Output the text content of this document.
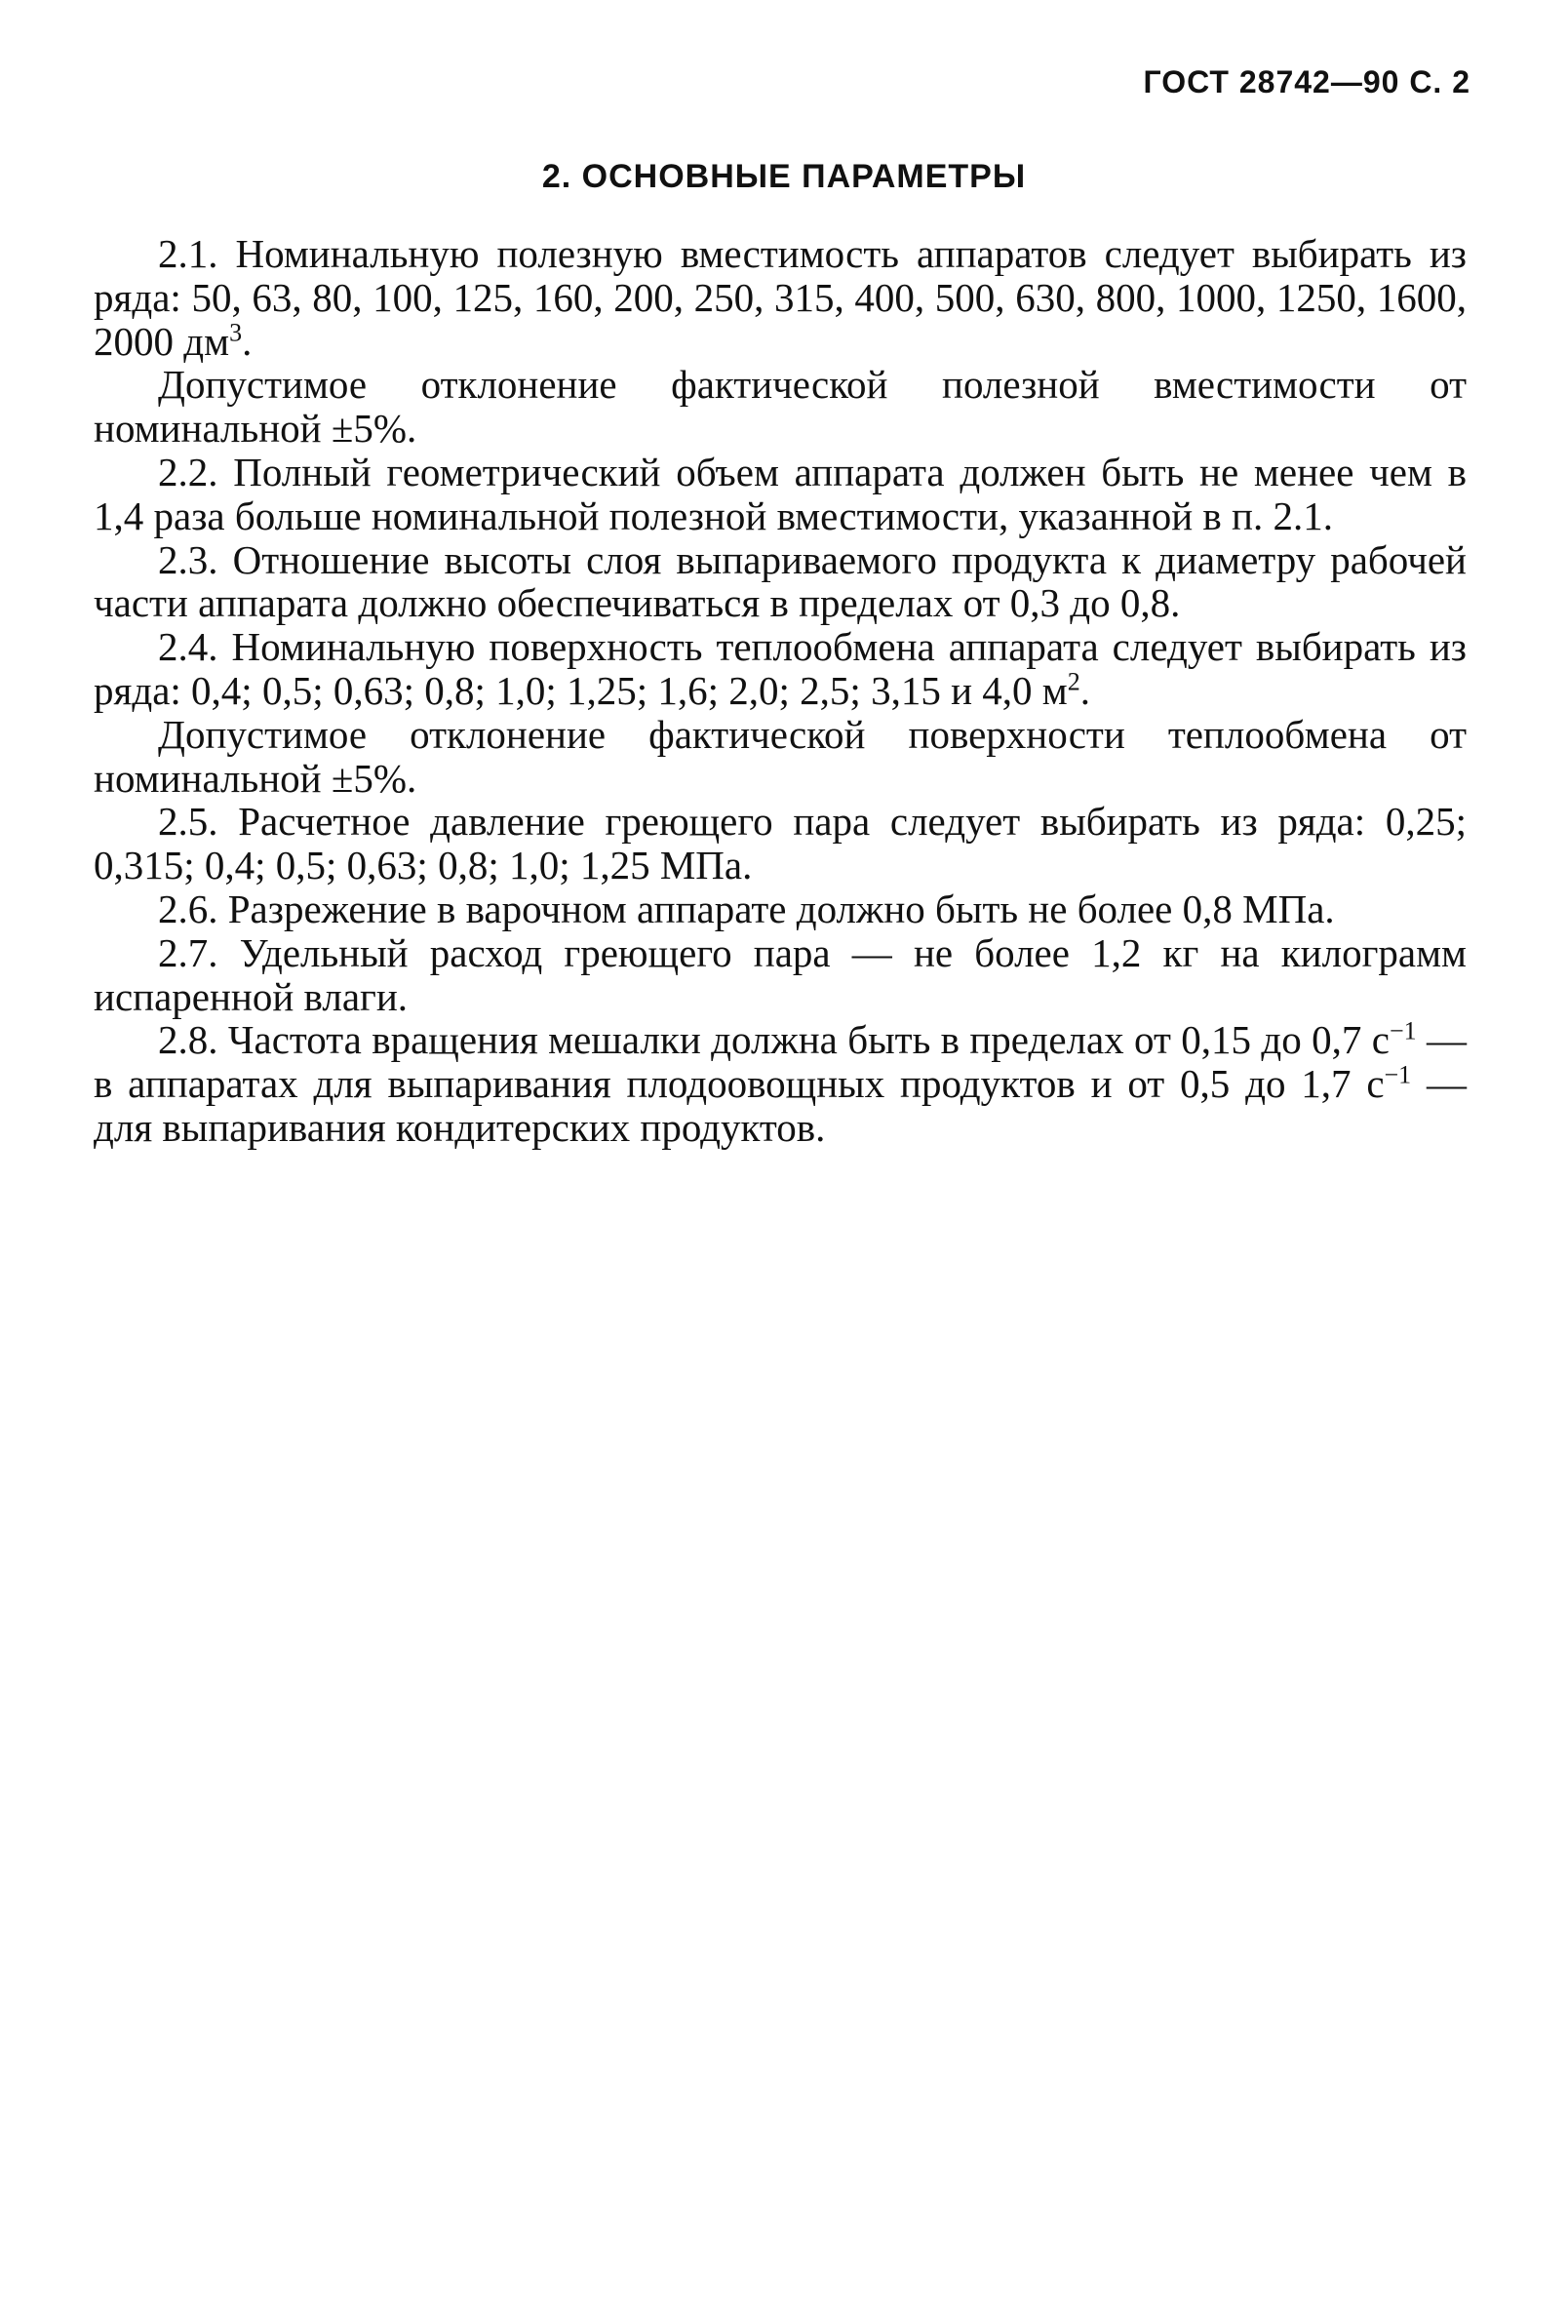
ГОСТ 28742—90 С. 2
2. ОСНОВНЫЕ ПАРАМЕТРЫ

2.1. Номинальную полезную вместимость аппаратов следует выбирать из ряда: 50, 63, 80, 100, 125, 160, 200, 250, 315, 400, 500, 630, 800, 1000, 1250, 1600, 2000 $дм^3$.

Допустимое отклонение фактической полезной вместимости от номинальной ±5%.

2.2. Полный геометрический объем аппарата должен быть не менее чем в 1,4 раза больше номинальной полезной вместимости, указанной в п. 2.1.

2.3. Отношение высоты слоя выпариваемого продукта к диаметру рабочей части аппарата должно обеспечиваться в пределах от 0,3 до 0,8.

2.4. Номинальную поверхность теплообмена аппарата следует выбирать из ряда: 0,4; 0,5; 0,63; 0,8; 1,0; 1,25; 1,6; 2,0; 2,5; 3,15 и 4,0 $м^2$.

Допустимое отклонение фактической поверхности теплообмена от номинальной ±5%.

2.5. Расчетное давление греющего пара следует выбирать из ряда: 0,25; 0,315; 0,4; 0,5; 0,63; 0,8; 1,0; 1,25 МПа.

2.6. Разрежение в варочном аппарате должно быть не более 0,8 МПа.

2.7. Удельный расход греющего пара — не более 1,2 кг на килограмм испаренной влаги.

2.8. Частота вращения мешалки должна быть в пределах от 0,15 до 0,7 $с^{-1}$ — в аппаратах для выпаривания плодоовощных продуктов и от 0,5 до 1,7 $с^{-1}$ — для выпаривания кондитерских продуктов.
